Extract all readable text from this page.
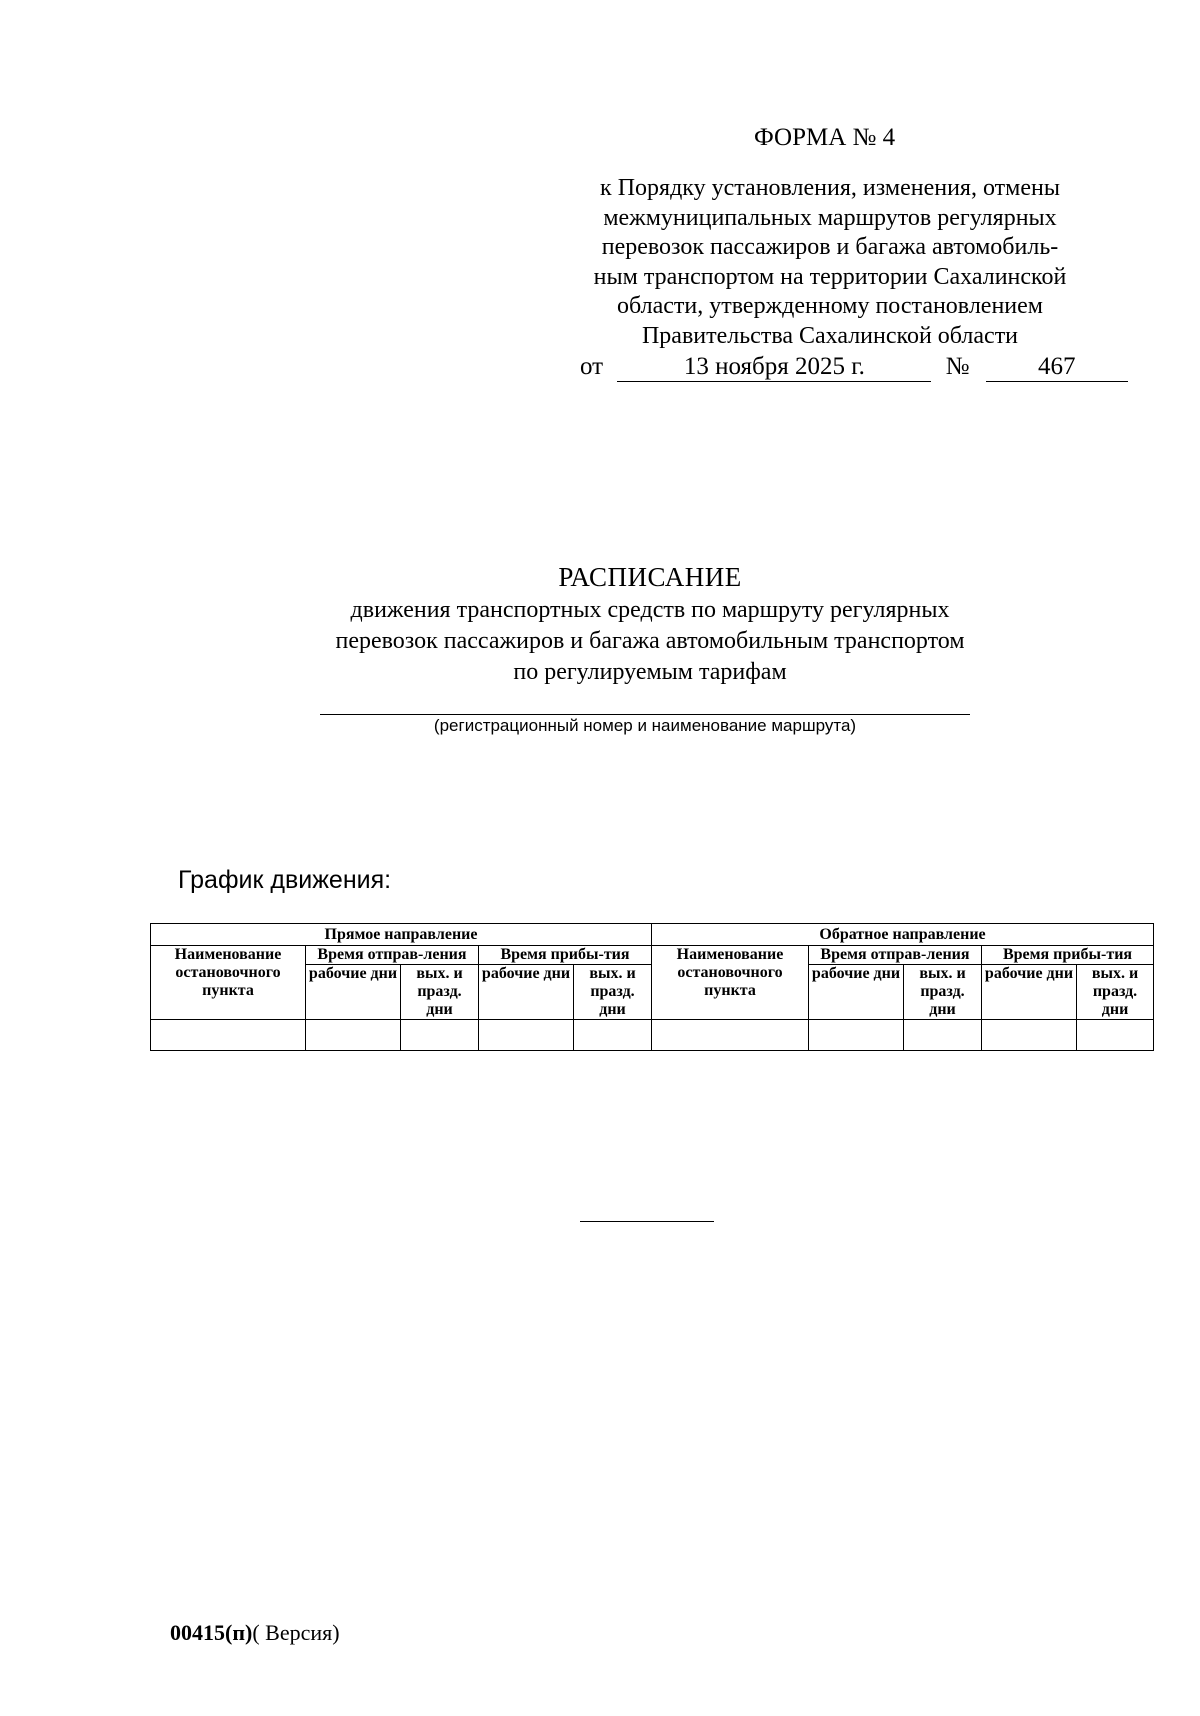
ФОРМА № 4
к Порядку установления, изменения, отмены
межмуниципальных маршрутов регулярных
перевозок пассажиров и багажа автомобиль-
ным транспортом на территории Сахалинской
области, утвержденному постановлением
Правительства Сахалинской области
от	13 ноября 2025 г.	№	467
РАСПИСАНИЕ
движения транспортных средств по маршруту регулярных
перевозок пассажиров и багажа автомобильным транспортом
по регулируемым тарифам
(регистрационный номер и наименование маршрута)
График движения:
Прямое направление					Обратное направление				
Наименование остановочного пункта	Время отправ-ления		Время прибы-тия		Наименование остановочного пункта	Время отправ-ления		Время прибы-тия	
	рабочие дни	вых. и празд. дни	рабочие дни	вых. и празд. дни		рабочие дни	вых. и празд. дни	рабочие дни	вых. и празд. дни

00415(п)( Версия)
